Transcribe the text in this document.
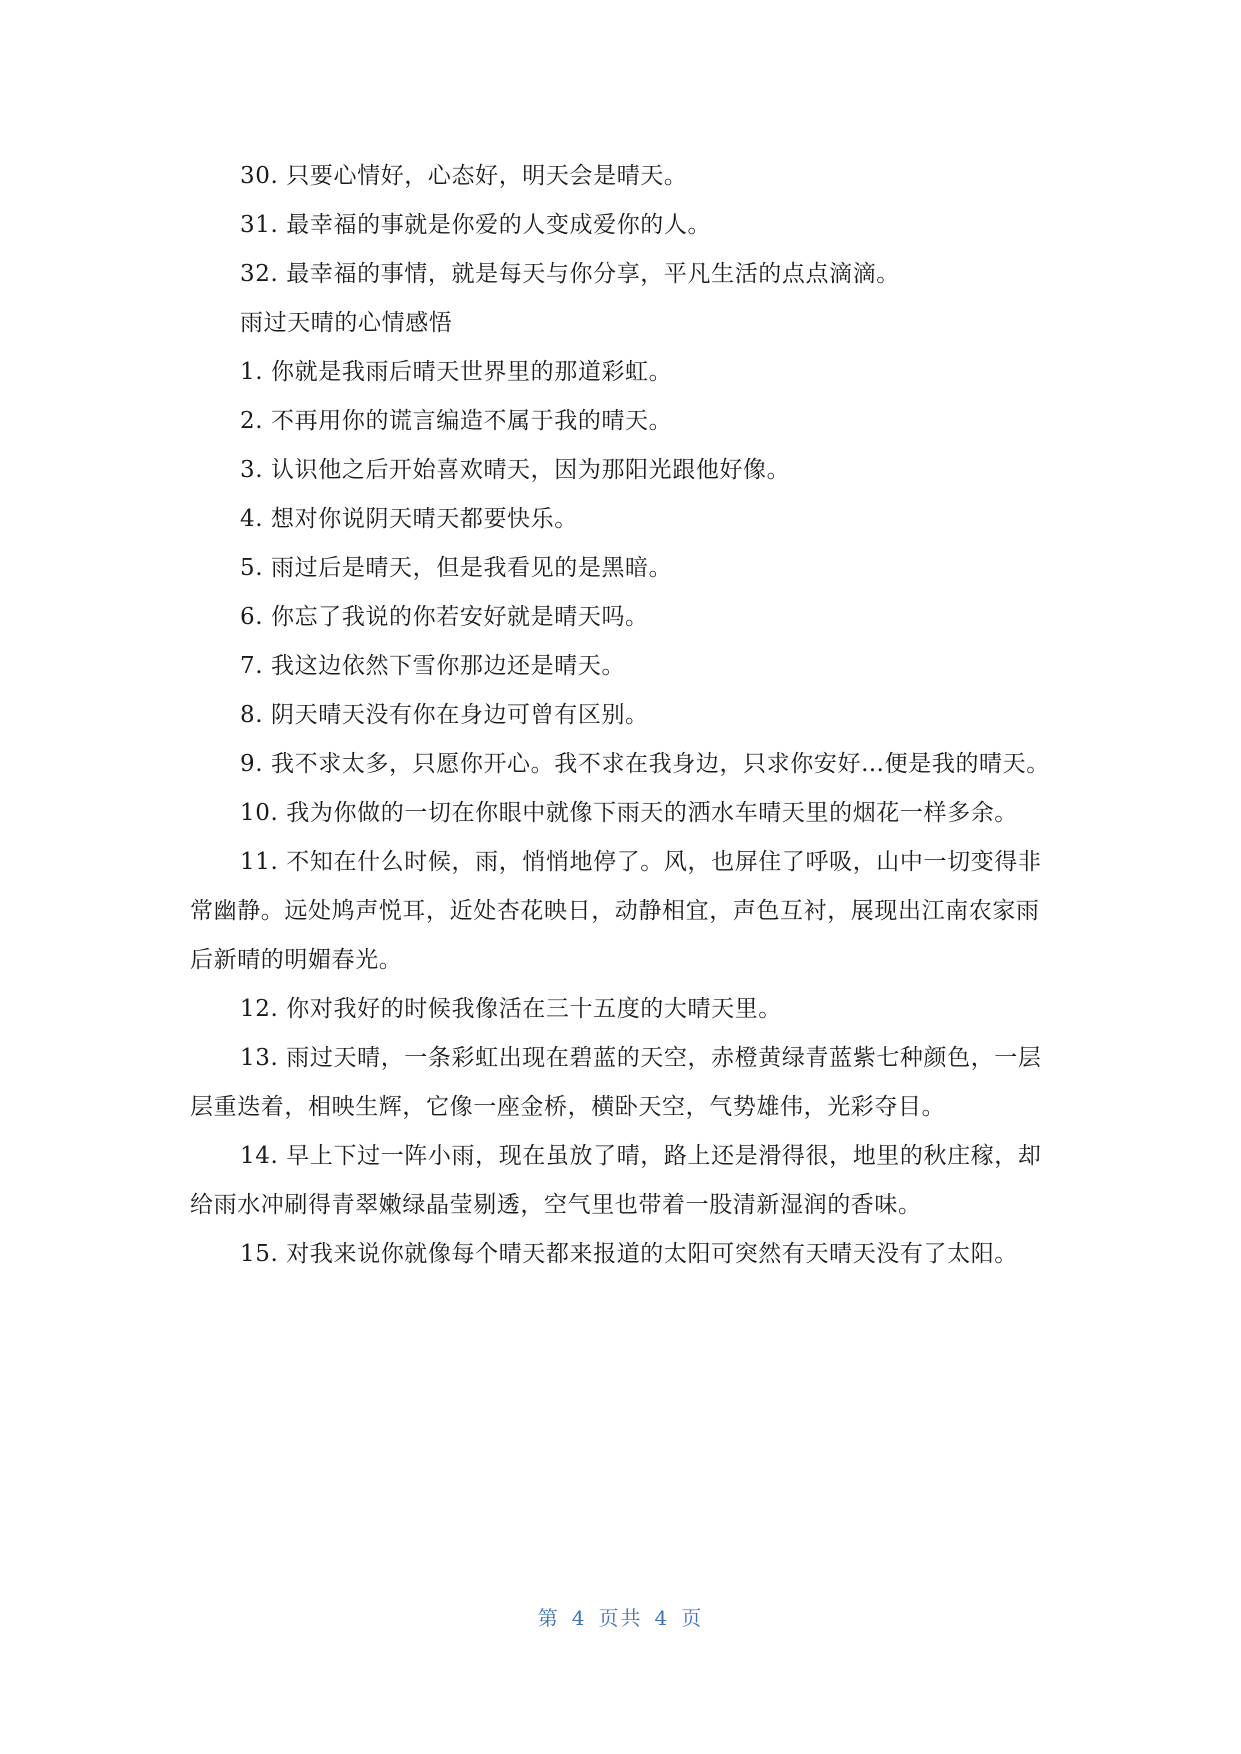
30. 只要心情好，心态好，明天会是晴天。

31. 最幸福的事就是你爱的人变成爱你的人。

32. 最幸福的事情，就是每天与你分享，平凡生活的点点滴滴。

雨过天晴的心情感悟

1. 你就是我雨后晴天世界里的那道彩虹。

2. 不再用你的谎言编造不属于我的晴天。

3. 认识他之后开始喜欢晴天，因为那阳光跟他好像。

4. 想对你说阴天晴天都要快乐。

5. 雨过后是晴天，但是我看见的是黑暗。

6. 你忘了我说的你若安好就是晴天吗。

7. 我这边依然下雪你那边还是晴天。

8. 阴天晴天没有你在身边可曾有区别。

9. 我不求太多，只愿你开心。我不求在我身边，只求你安好…便是我的晴天。

10. 我为你做的一切在你眼中就像下雨天的洒水车晴天里的烟花一样多余。

11. 不知在什么时候，雨，悄悄地停了。风，也屏住了呼吸，山中一切变得非常幽静。远处鸠声悦耳，近处杏花映日，动静相宜，声色互衬，展现出江南农家雨后新晴的明媚春光。

12. 你对我好的时候我像活在三十五度的大晴天里。

13. 雨过天晴，一条彩虹出现在碧蓝的天空，赤橙黄绿青蓝紫七种颜色，一层层重迭着，相映生辉，它像一座金桥，横卧天空，气势雄伟，光彩夺目。

14. 早上下过一阵小雨，现在虽放了晴，路上还是滑得很，地里的秋庄稼，却给雨水冲刷得青翠嫩绿晶莹剔透，空气里也带着一股清新湿润的香味。

15. 对我来说你就像每个晴天都来报道的太阳可突然有天晴天没有了太阳。

第 4 页共 4 页
